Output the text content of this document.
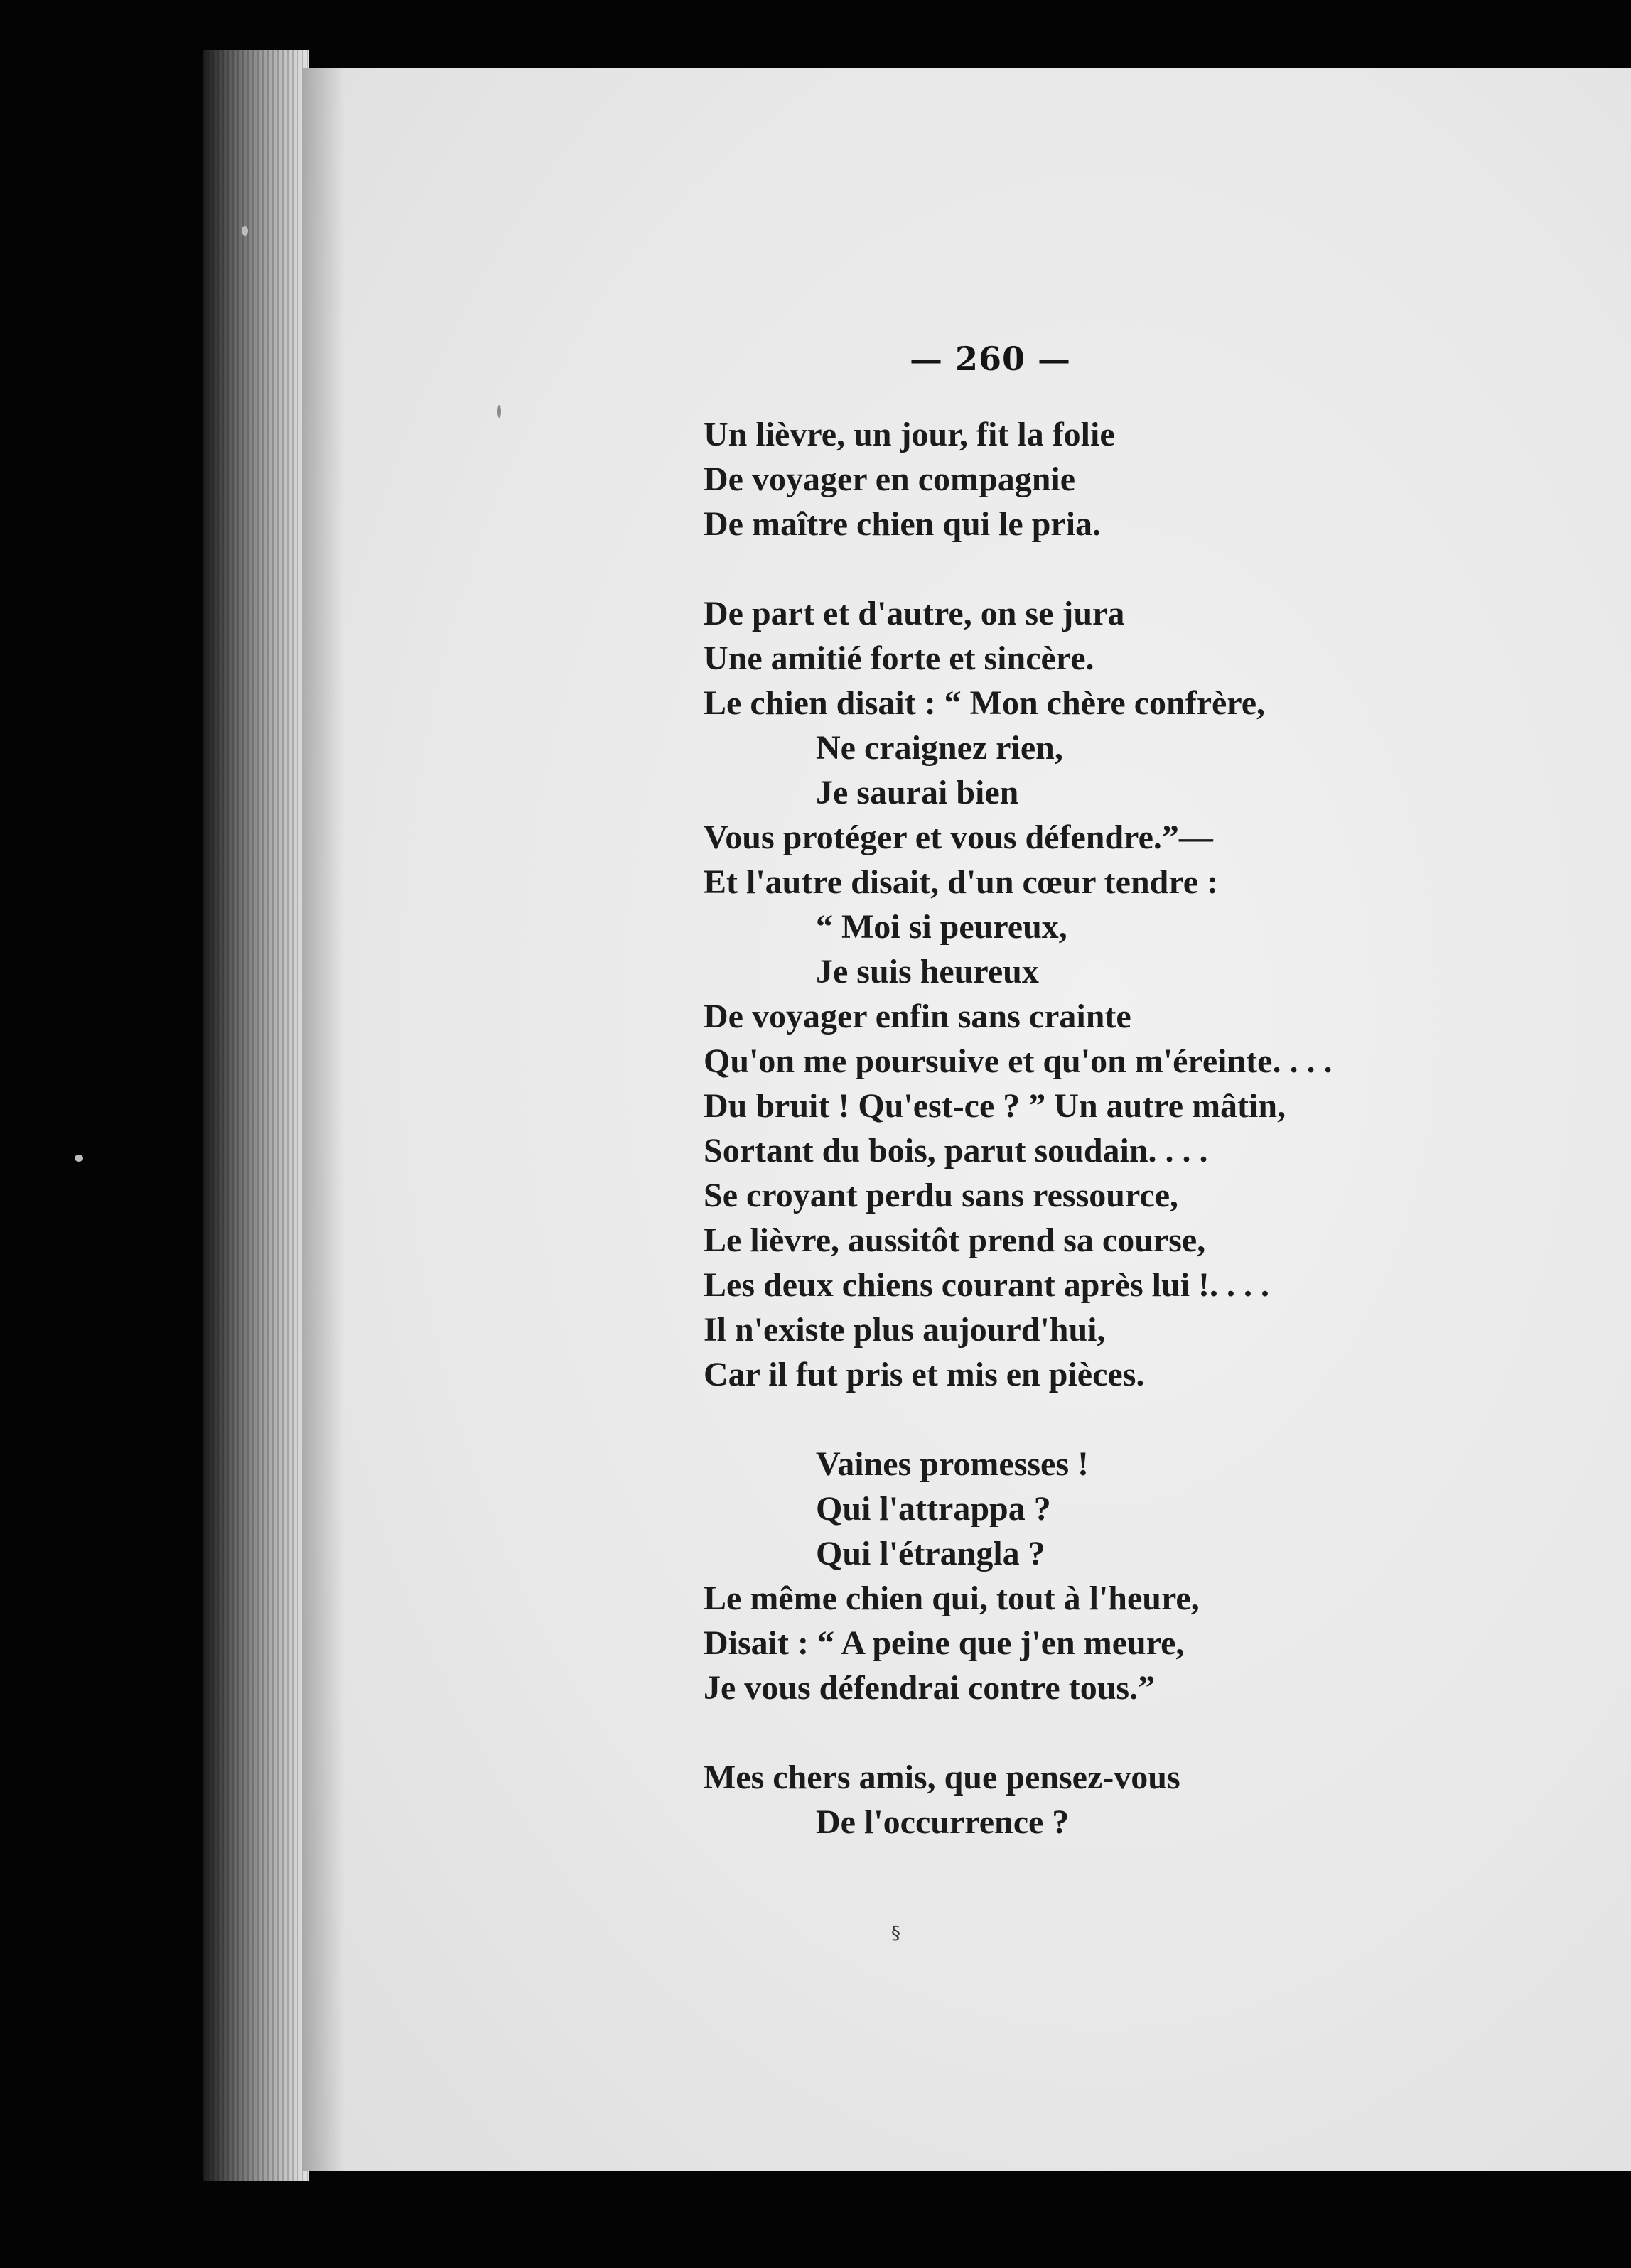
— 260 —
Un lièvre, un jour, fit la folie
De voyager en compagnie
De maître chien qui le pria.
De part et d'autre, on se jura
Une amitié forte et sincère.
Le chien disait : “ Mon chère confrère,
Ne craignez rien,
Je saurai bien
Vous protéger et vous défendre.”—
Et l'autre disait, d'un cœur tendre :
“ Moi si peureux,
Je suis heureux
De voyager enfin sans crainte
Qu'on me poursuive et qu'on m'éreinte. . . .
Du bruit ! Qu'est-ce ? ” Un autre mâtin,
Sortant du bois, parut soudain. . . .
Se croyant perdu sans ressource,
Le lièvre, aussitôt prend sa course,
Les deux chiens courant après lui !. . . .
Il n'existe plus aujourd'hui,
Car il fut pris et mis en pièces.
Vaines promesses !
Qui l'attrappa ?
Qui l'étrangla ?
Le même chien qui, tout à l'heure,
Disait : “ A peine que j'en meure,
Je vous défendrai contre tous.”
Mes chers amis, que pensez-vous
De l'occurrence ?
§
